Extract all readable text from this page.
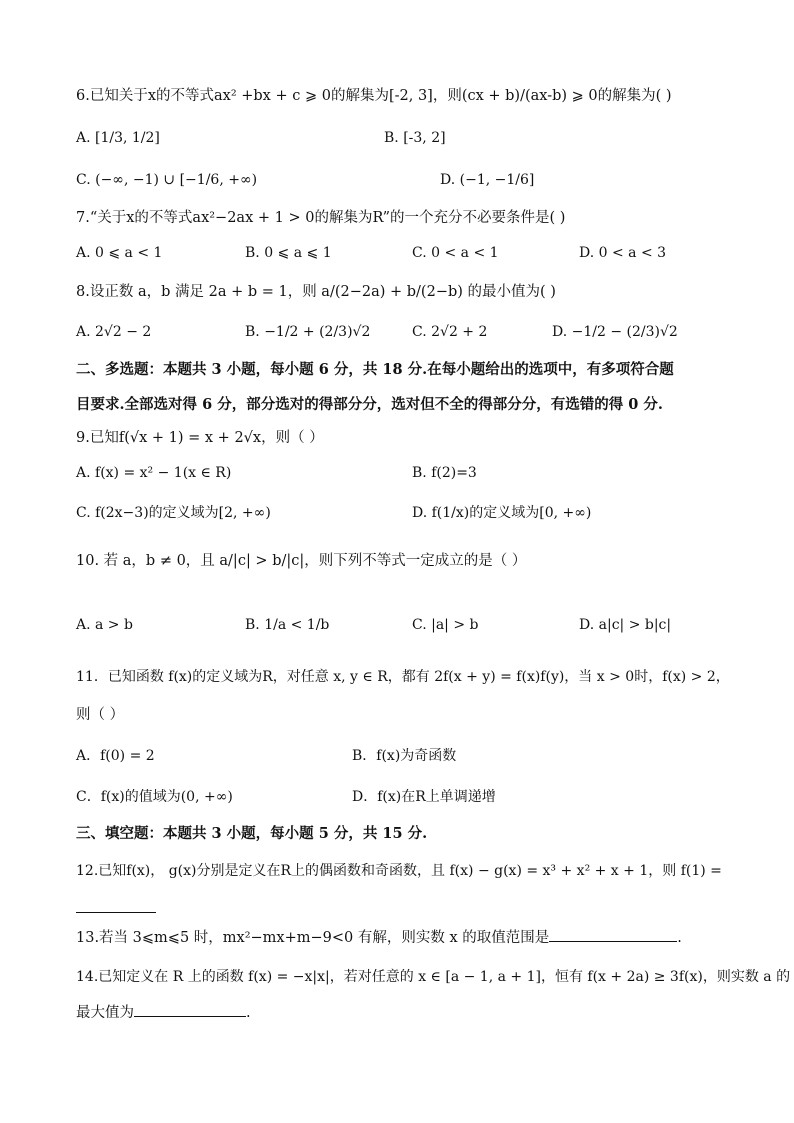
6.已知关于x的不等式ax² +bx + c ⩾ 0的解集为[-2, 3]，则(cx + b)/(ax-b) ⩾ 0的解集为( )
A. [1/3, 1/2]	B. [-3, 2]
C. (−∞, −1) ∪ [−1/6, +∞)	D. (−1, −1/6]
7.“关于x的不等式ax²−2ax + 1 > 0的解集为R”的一个充分不必要条件是( )
A. 0 ⩽ a < 1	B. 0 ⩽ a ⩽ 1	C. 0 < a < 1	D. 0 < a < 3
8.设正数 a，b 满足 2a + b = 1，则 a/(2−2a) + b/(2−b) 的最小值为( )
A. 2√2 − 2	B. −1/2 + (2/3)√2	C. 2√2 + 2	D. −1/2 − (2/3)√2
二、多选题：本题共 3 小题，每小题 6 分，共 18 分.在每小题给出的选项中，有多项符合题
目要求.全部选对得 6 分，部分选对的得部分分，选对但不全的得部分分，有选错的得 0 分.
9.已知f(√x + 1) = x + 2√x，则（ ）
A. f(x) = x² − 1(x ∈ R)	B. f(2)=3
C. f(2x−3)的定义域为[2, +∞)	D. f(1/x)的定义域为[0, +∞)
10. 若 a，b ≠ 0，且 a/|c| > b/|c|，则下列不等式一定成立的是（ ）
A. a > b	B. 1/a < 1/b	C. |a| > b	D. a|c| > b|c|
11．已知函数 f(x)的定义域为R，对任意 x, y ∈ R，都有 2f(x + y) = f(x)f(y)，当 x > 0时，f(x) > 2，
则（ ）
A．f(0) = 2	B．f(x)为奇函数
C．f(x)的值域为(0, +∞)	D．f(x)在R上单调递增
三、填空题：本题共 3 小题，每小题 5 分，共 15 分.
12.已知f(x)， g(x)分别是定义在R上的偶函数和奇函数，且 f(x) − g(x) = x³ + x² + x + 1，则 f(1) =
13.若当 3⩽m⩽5 时，mx²−mx+m−9<0 有解，则实数 x 的取值范围是	.
14.已知定义在 R 上的函数 f(x) = −x|x|，若对任意的 x ∈ [a − 1, a + 1]，恒有 f(x + 2a) ≥ 3f(x)，则实数 a 的
最大值为	.
